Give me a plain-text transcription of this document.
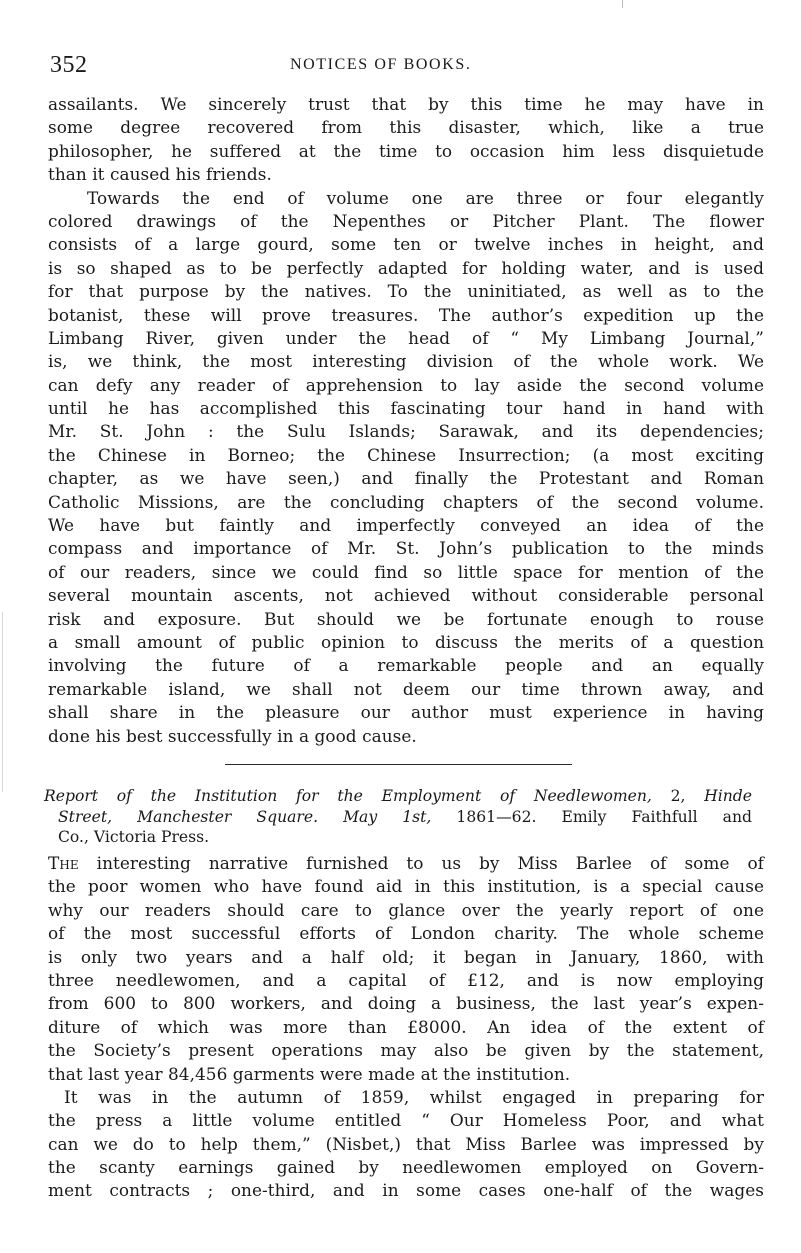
352	NOTICES OF BOOKS.
assailants. We sincerely trust that by this time he may have in
some degree recovered from this disaster, which, like a true
philosopher, he suffered at the time to occasion him less disquietude
than it caused his friends.
Towards the end of volume one are three or four elegantly
colored drawings of the Nepenthes or Pitcher Plant. The flower
consists of a large gourd, some ten or twelve inches in height, and
is so shaped as to be perfectly adapted for holding water, and is used
for that purpose by the natives. To the uninitiated, as well as to the
botanist, these will prove treasures. The author’s expedition up the
Limbang River, given under the head of “ My Limbang Journal,”
is, we think, the most interesting division of the whole work. We
can defy any reader of apprehension to lay aside the second volume
until he has accomplished this fascinating tour hand in hand with
Mr. St. John : the Sulu Islands; Sarawak, and its dependencies;
the Chinese in Borneo; the Chinese Insurrection; (a most exciting
chapter, as we have seen,) and finally the Protestant and Roman
Catholic Missions, are the concluding chapters of the second volume.
We have but faintly and imperfectly conveyed an idea of the
compass and importance of Mr. St. John’s publication to the minds
of our readers, since we could find so little space for mention of the
several mountain ascents, not achieved without considerable personal
risk and exposure. But should we be fortunate enough to rouse
a small amount of public opinion to discuss the merits of a question
involving the future of a remarkable people and an equally
remarkable island, we shall not deem our time thrown away, and
shall share in the pleasure our author must experience in having
done his best successfully in a good cause.
Report of the Institution for the Employment of Needlewomen, 2, Hinde
Street, Manchester Square. May 1st, 1861—62. Emily Faithfull and
Co., Victoria Press.
The interesting narrative furnished to us by Miss Barlee of some of
the poor women who have found aid in this institution, is a special cause
why our readers should care to glance over the yearly report of one
of the most successful efforts of London charity. The whole scheme
is only two years and a half old; it began in January, 1860, with
three needlewomen, and a capital of £12, and is now employing
from 600 to 800 workers, and doing a business, the last year’s expen-
diture of which was more than £8000. An idea of the extent of
the Society’s present operations may also be given by the statement,
that last year 84,456 garments were made at the institution.
It was in the autumn of 1859, whilst engaged in preparing for
the press a little volume entitled “ Our Homeless Poor, and what
can we do to help them,” (Nisbet,) that Miss Barlee was impressed by
the scanty earnings gained by needlewomen employed on Govern-
ment contracts ; one-third, and in some cases one-half of the wages
